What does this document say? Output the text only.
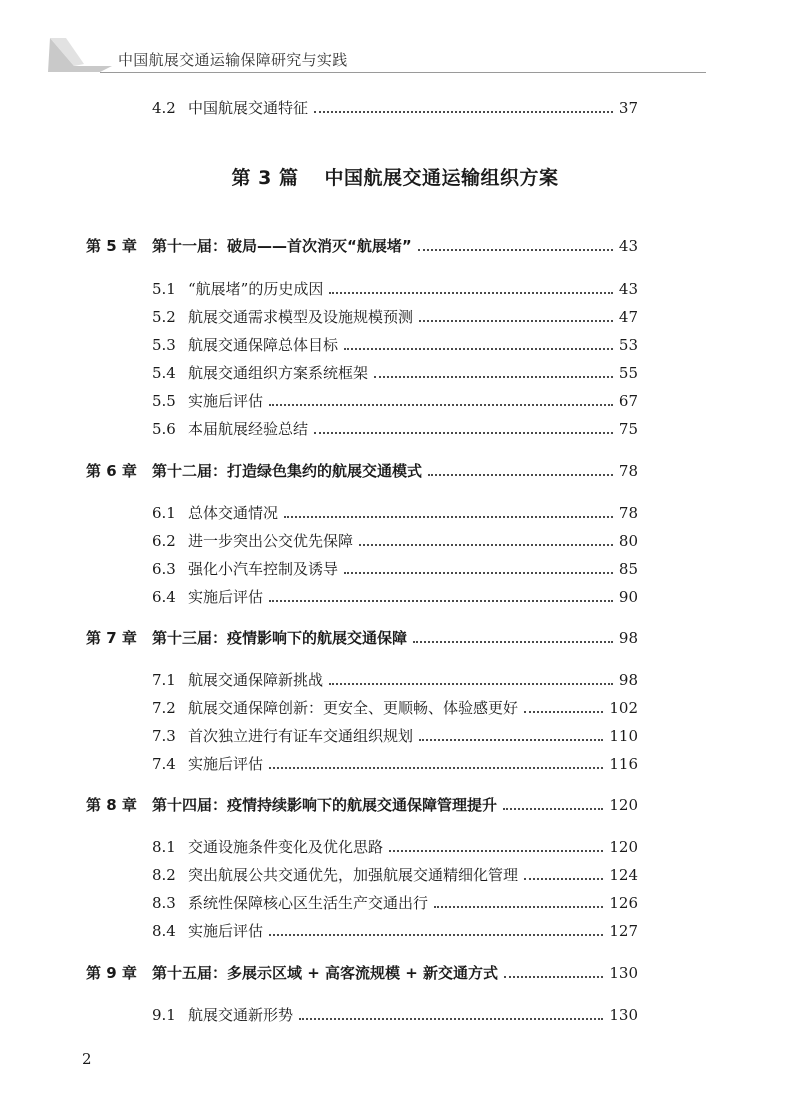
中国航展交通运输保障研究与实践
4.2 中国航展交通特征	37
第 3 篇 中国航展交通运输组织方案
第 5 章	第十一届：破局——首次消灭“航展堵”	43
5.1 “航展堵”的历史成因	43
5.2 航展交通需求模型及设施规模预测	47
5.3 航展交通保障总体目标	53
5.4 航展交通组织方案系统框架	55
5.5 实施后评估	67
5.6 本届航展经验总结	75
第 6 章	第十二届：打造绿色集约的航展交通模式	78
6.1 总体交通情况	78
6.2 进一步突出公交优先保障	80
6.3 强化小汽车控制及诱导	85
6.4 实施后评估	90
第 7 章	第十三届：疫情影响下的航展交通保障	98
7.1 航展交通保障新挑战	98
7.2 航展交通保障创新：更安全、更顺畅、体验感更好	102
7.3 首次独立进行有证车交通组织规划	110
7.4 实施后评估	116
第 8 章	第十四届：疫情持续影响下的航展交通保障管理提升	120
8.1 交通设施条件变化及优化思路	120
8.2 突出航展公共交通优先，加强航展交通精细化管理	124
8.3 系统性保障核心区生活生产交通出行	126
8.4 实施后评估	127
第 9 章	第十五届：多展示区域 + 高客流规模 + 新交通方式	130
9.1 航展交通新形势	130
2
